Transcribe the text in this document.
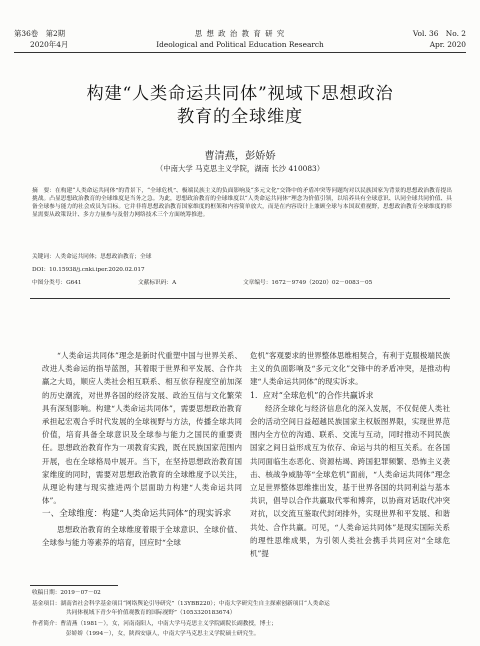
第36卷　第2期
2020年4月
思 想 政 治 教 育 研 究
Ideological and Political Education Research
Vol. 36　No. 2
Apr. 2020
构建“人类命运共同体”视域下思想政治
教育的全球维度
曹清燕，彭娇娇
（中南大学 马克思主义学院，湖南 长沙 410083）
摘　要：在构建“人类命运共同体”的背景下，“全球危机”、极端民族主义的负面影响及“多元文化”交锋中的矛盾冲突等问题均对以民族国家为背景的思想政治教育提出挑战。凸显思想政治教育的全球维度是当务之急。为此，思想政治教育的全球维度以“人类命运共同体”理念为价值引领，以培养具有全球意识、认同全球共同价值、具备全球参与能力的社会成员为目标。它并非将思想政治教育国家维度的框架和内容简单放大，而是在内容设计上兼顾全球与本国双重视野，思想政治教育全球维度的彰显需要从政策设计、多方力量参与及借力网络技术三个方面统筹推进。
关键词：人类命运共同体；思想政治教育；全球
DOI：10.15938/j.cnki.iper.2020.02.017
中图分类号：G641	文献标识码：A	文章编号：1672－9749（2020）02－0083－05

“人类命运共同体”理念是新时代重塑中国与世界关系、改进人类命运的指导蓝图，其着眼于世界和平发展、合作共赢之大局，顺应人类社会相互联系、相互依存程度空前加深的历史潮流，对世界各国的经济发展、政治互信与文化繁荣具有深刻影响。构建“人类命运共同体”，需要思想政治教育承担起宏观合乎时代发展的全球视野与方法，传播全球共同价值，培育具备全球意识及全球参与能力之国民的重要责任。思想政治教育作为一项教育实践，既在民族国家范围内开展，也在全球格局中展开。当下，在坚持思想政治教育国家维度的同时，需要对思想政治教育的全球维度予以关注，从理论构建与现实推进两个层面助力构建“人类命运共同体”。

一、全球维度：构建“人类命运共同体”的现实诉求

思想政治教育的全球维度着眼于全球意识、全球价值、全球参与能力等素养的培育，回应时“全球

危机”客观要求的世界整体思维相契合，有利于克服极端民族主义的负面影响及“多元文化”交锋中的矛盾冲突，是推动构建“人类命运共同体”的现实诉求。

1．应对“全球危机”的合作共赢诉求

经济全球化与经济信息化的深入发展，不仅促使人类社会的活动空间日益超越民族国家主权版图界限，实现世界范围内全方位的沟通、联系、交流与互动，同时推动不同民族国家之间日益形成互为依存、命运与共的相互关系。在各国共同面临生态恶化、资源枯竭、跨国犯罪频繁、恐怖主义袭击、核战争威胁等“全球危机”面前，“人类命运共同体”理念立足世界整体思维推出发，基于世界各国的共同利益与基本共识，倡导以合作共赢取代零和博弈，以协商对话取代冲突对抗，以交流互鉴取代封闭排外，实现世界和平发展、和谐共处、合作共赢。可见，“人类命运共同体”是现实国际关系的理性思维成果，为引领人类社会携手共同应对“全球危机”提

收稿日期：2019－07－02
基金项目：湖南省社会科学基金项目“网络舆论引导研究”（13YBB220）；中南大学研究生自主探索创新项目“人类命运
共同体视域下青少年价值观教育的国际视野”（1053320183674）
作者简介：曹清燕（1981－），女，河南南阳人，中南大学马克思主义学院副院长副教授，博士；
彭娇娇（1994－），女，陕西安康人，中南大学马克思主义学院硕士研究生。
